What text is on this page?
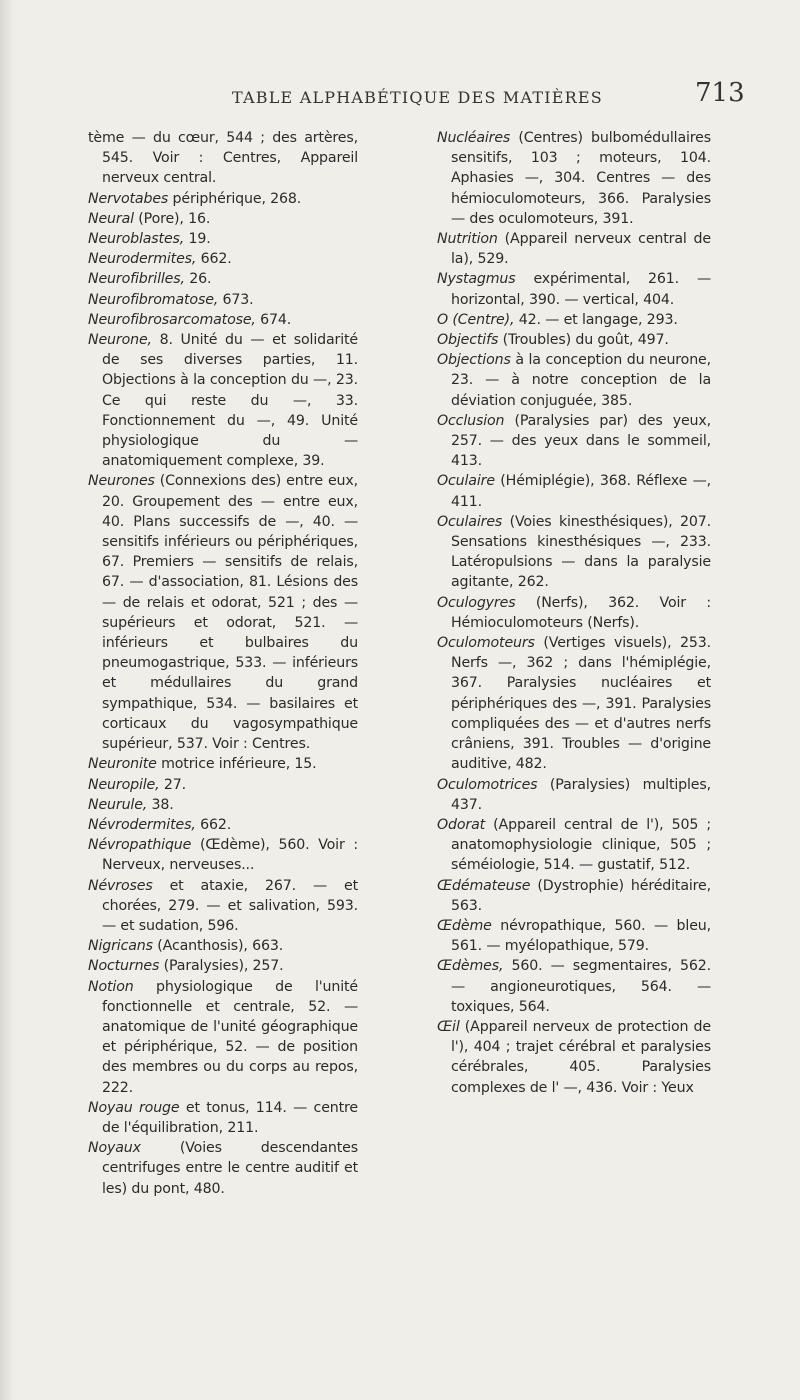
TABLE ALPHABÉTIQUE DES MATIÈRES	713

tème — du cœur, 544 ; des artères, 545. Voir : Centres, Appareil nerveux central.

Nervotabes périphérique, 268.

Neural (Pore), 16.

Neuroblastes, 19.

Neurodermites, 662.

Neurofibrilles, 26.

Neurofibromatose, 673.

Neurofibrosarcomatose, 674.

Neurone, 8. Unité du — et solidarité de ses diverses parties, 11. Objections à la conception du —, 23. Ce qui reste du —, 33. Fonctionnement du —, 49. Unité physiologique du — anatomiquement complexe, 39.

Neurones (Connexions des) entre eux, 20. Groupement des — entre eux, 40. Plans successifs de —, 40. — sensitifs inférieurs ou périphériques, 67. Premiers — sensitifs de relais, 67. — d'association, 81. Lésions des — de relais et odorat, 521 ; des — supérieurs et odorat, 521. — inférieurs et bulbaires du pneumogastrique, 533. — inférieurs et médullaires du grand sympathique, 534. — basilaires et corticaux du vagosympathique supérieur, 537. Voir : Centres.

Neuronite motrice inférieure, 15.

Neuropile, 27.

Neurule, 38.

Névrodermites, 662.

Névropathique (Œdème), 560. Voir : Nerveux, nerveuses...

Névroses et ataxie, 267. — et chorées, 279. — et salivation, 593. — et sudation, 596.

Nigricans (Acanthosis), 663.

Nocturnes (Paralysies), 257.

Notion physiologique de l'unité fonctionnelle et centrale, 52. — anatomique de l'unité géographique et périphérique, 52. — de position des membres ou du corps au repos, 222.

Noyau rouge et tonus, 114. — centre de l'équilibration, 211.

Noyaux	(Voies descendantes centrifuges entre le centre auditif et les) du pont, 480.

Nucléaires (Centres) bulbomédullaires sensitifs, 103 ; moteurs, 104. Aphasies —, 304. Centres — des hémioculomoteurs, 366. Paralysies — des oculomoteurs, 391.

Nutrition (Appareil nerveux central de la), 529.

Nystagmus expérimental, 261. — horizontal, 390. — vertical, 404.

O (Centre), 42. — et langage, 293.

Objectifs (Troubles) du goût, 497.

Objections à la conception du neurone, 23. — à notre conception de la déviation conjuguée, 385.

Occlusion (Paralysies par) des yeux, 257. — des yeux dans le sommeil, 413.

Oculaire (Hémiplégie), 368. Réflexe —, 411.

Oculaires (Voies kinesthésiques), 207. Sensations kinesthésiques —, 233. Latéropulsions — dans la paralysie agitante, 262.

Oculogyres (Nerfs), 362. Voir : Hémioculomoteurs (Nerfs).

Oculomoteurs (Vertiges visuels), 253. Nerfs —, 362 ; dans l'hémiplégie, 367. Paralysies nucléaires et périphériques des —, 391. Paralysies compliquées des — et d'autres nerfs crâniens, 391. Troubles — d'origine auditive, 482.

Oculomotrices (Paralysies) multiples, 437.

Odorat (Appareil central de l'), 505 ; anatomophysiologie clinique, 505 ; séméiologie, 514. — gustatif, 512.

Œdémateuse (Dystrophie) héréditaire, 563.

Œdème névropathique, 560. — bleu, 561. — myélopathique, 579.

Œdèmes, 560. — segmentaires, 562. — angioneurotiques, 564. — toxiques, 564.

Œil (Appareil nerveux de protection de l'), 404 ; trajet cérébral et paralysies cérébrales, 405. Paralysies complexes de l' —, 436. Voir : Yeux
